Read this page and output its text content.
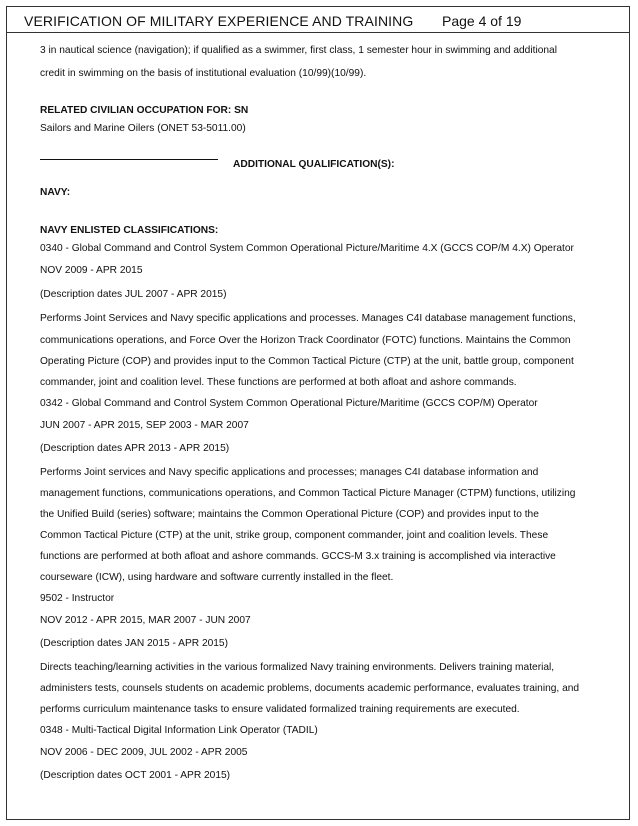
VERIFICATION OF MILITARY EXPERIENCE AND TRAINING Page 4 of 19
3 in nautical science (navigation); if qualified as a swimmer, first class, 1 semester hour in swimming and additional
credit in swimming on the basis of institutional evaluation (10/99)(10/99).
RELATED CIVILIAN OCCUPATION FOR: SN
Sailors and Marine Oilers (ONET 53-5011.00)
ADDITIONAL QUALIFICATION(S):
NAVY:
NAVY ENLISTED CLASSIFICATIONS:
0340 - Global Command and Control System Common Operational Picture/Maritime 4.X (GCCS COP/M 4.X) Operator
NOV 2009 - APR 2015
(Description dates JUL 2007 - APR 2015)
Performs Joint Services and Navy specific applications and processes. Manages C4I database management functions,
communications operations, and Force Over the Horizon Track Coordinator (FOTC) functions. Maintains the Common
Operating Picture (COP) and provides input to the Common Tactical Picture (CTP) at the unit, battle group, component
commander, joint and coalition level. These functions are performed at both afloat and ashore commands.
0342 - Global Command and Control System Common Operational Picture/Maritime (GCCS COP/M) Operator
JUN 2007 - APR 2015, SEP 2003 - MAR 2007
(Description dates APR 2013 - APR 2015)
Performs Joint services and Navy specific applications and processes; manages C4I database information and
management functions, communications operations, and Common Tactical Picture Manager (CTPM) functions, utilizing
the Unified Build (series) software; maintains the Common Operational Picture (COP) and provides input to the
Common Tactical Picture (CTP) at the unit, strike group, component commander, joint and coalition levels. These
functions are performed at both afloat and ashore commands. GCCS-M 3.x training is accomplished via interactive
courseware (ICW), using hardware and software currently installed in the fleet.
9502 - Instructor
NOV 2012 - APR 2015, MAR 2007 - JUN 2007
(Description dates JAN 2015 - APR 2015)
Directs teaching/learning activities in the various formalized Navy training environments. Delivers training material,
administers tests, counsels students on academic problems, documents academic performance, evaluates training, and
performs curriculum maintenance tasks to ensure validated formalized training requirements are executed.
0348 - Multi-Tactical Digital Information Link Operator (TADIL)
NOV 2006 - DEC 2009, JUL 2002 - APR 2005
(Description dates OCT 2001 - APR 2015)
